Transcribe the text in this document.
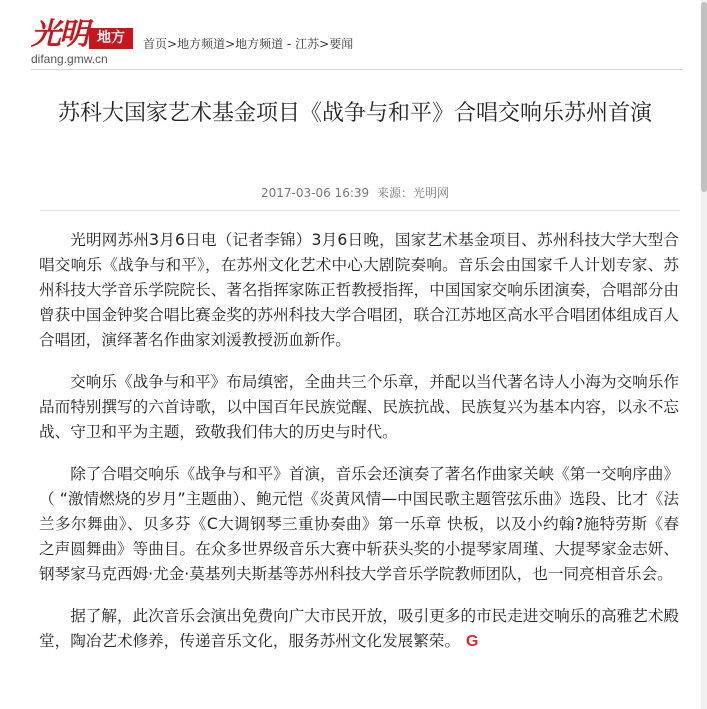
光明 地方
difang.gmw.cn
首页>地方频道>地方频道 - 江苏>要闻
苏科大国家艺术基金项目《战争与和平》合唱交响乐苏州首演
2017-03-06 16:39 来源：光明网

光明网苏州3月6日电（记者李锦）3月6日晚，国家艺术基金项目、苏州科技大学大型合唱交响乐《战争与和平》，在苏州文化艺术中心大剧院奏响。音乐会由国家千人计划专家、苏州科技大学音乐学院院长、著名指挥家陈正哲教授指挥，中国国家交响乐团演奏，合唱部分由曾获中国金钟奖合唱比赛金奖的苏州科技大学合唱团，联合江苏地区高水平合唱团体组成百人合唱团，演绎著名作曲家刘湲教授沥血新作。

交响乐《战争与和平》布局缜密，全曲共三个乐章，并配以当代著名诗人小海为交响乐作品而特别撰写的六首诗歌，以中国百年民族觉醒、民族抗战、民族复兴为基本内容，以永不忘战、守卫和平为主题，致敬我们伟大的历史与时代。

除了合唱交响乐《战争与和平》首演，音乐会还演奏了著名作曲家关峡《第一交响序曲》（ “激情燃烧的岁月”主题曲）、鲍元恺《炎黄风情—中国民歌主题管弦乐曲》选段、比才《法兰多尔舞曲》、贝多芬《C大调钢琴三重协奏曲》第一乐章 快板，以及小约翰?施特劳斯《春之声圆舞曲》等曲目。在众多世界级音乐大赛中斩获头奖的小提琴家周瑾、大提琴家金志妍、钢琴家马克西姆·尤金·莫基列夫斯基等苏州科技大学音乐学院教师团队，也一同亮相音乐会。

据了解，此次音乐会演出免费向广大市民开放，吸引更多的市民走进交响乐的高雅艺术殿堂，陶冶艺术修养，传递音乐文化，服务苏州文化发展繁荣。 G
